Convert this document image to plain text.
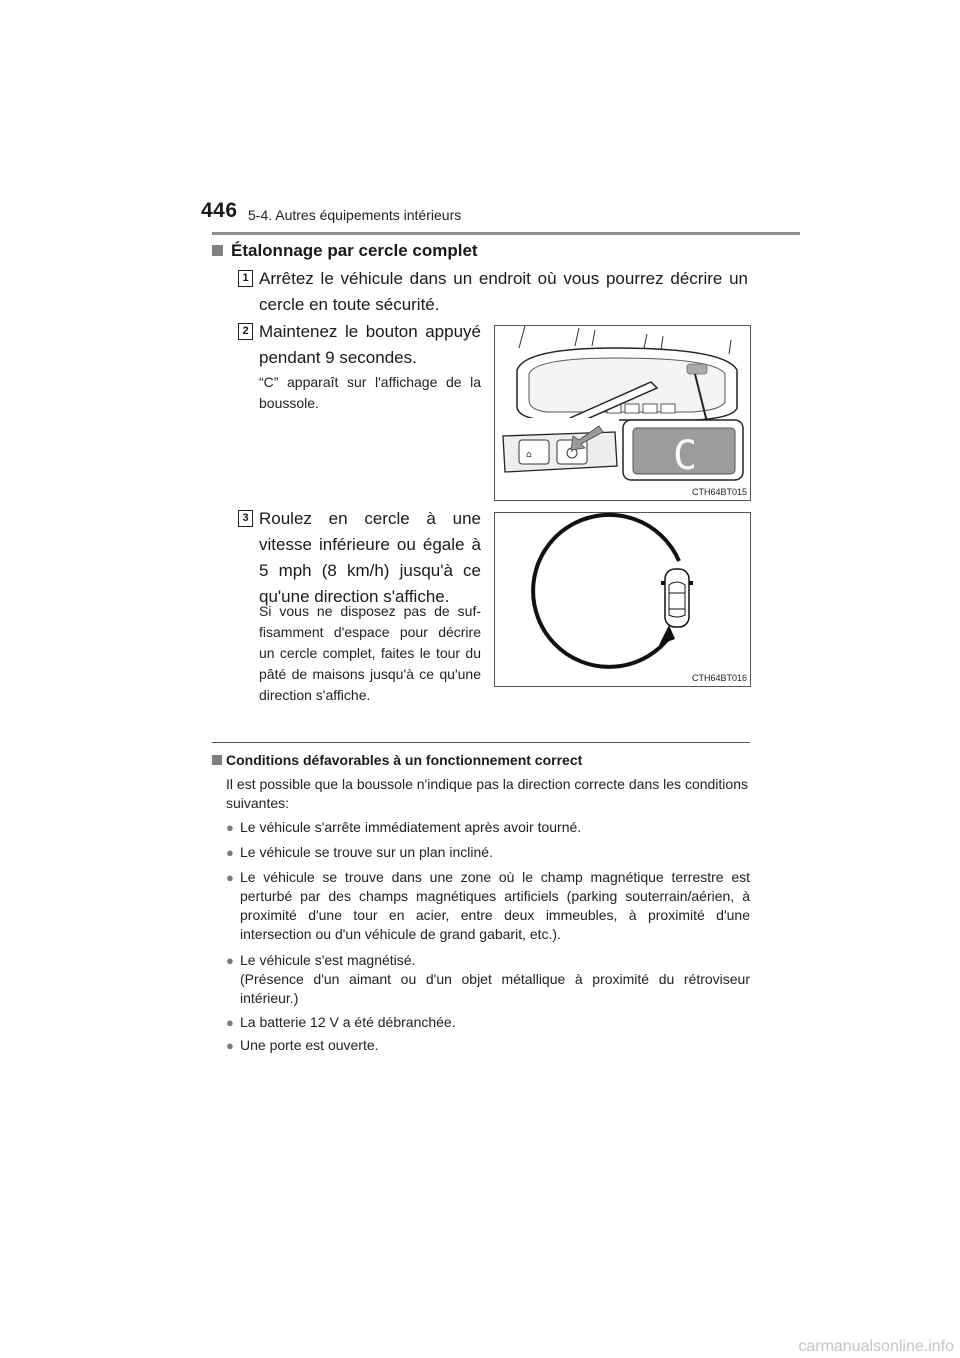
446 5-4. Autres équipements intérieurs
Étalonnage par cercle complet
1 Arrêtez le véhicule dans un endroit où vous pourrez décrire un cercle en toute sécurité.
2 Maintenez le bouton appuyé pendant 9 secondes.
“C” apparaît sur l'affichage de la boussole.
⌂	C
CTH64BT015
3 Roulez en cercle à une vitesse inférieure ou égale à 5 mph (8 km/h) jusqu'à ce qu'une direction s'affiche.
Si vous ne disposez pas de suf-fisamment d'espace pour décrire un cercle complet, faites le tour du pâté de maisons jusqu'à ce qu'une direction s'affiche.
CTH64BT016
Conditions défavorables à un fonctionnement correct
Il est possible que la boussole n'indique pas la direction correcte dans les conditions suivantes:
● Le véhicule s'arrête immédiatement après avoir tourné.
● Le véhicule se trouve sur un plan incliné.
● Le véhicule se trouve dans une zone où le champ magnétique terrestre est perturbé par des champs magnétiques artificiels (parking souterrain/aérien, à proximité d'une tour en acier, entre deux immeubles, à proximité d'une intersection ou d'un véhicule de grand gabarit, etc.).
● Le véhicule s'est magnétisé.
(Présence d'un aimant ou d'un objet métallique à proximité du rétroviseur intérieur.)
● La batterie 12 V a été débranchée.
● Une porte est ouverte.
carmanualsonline.info
